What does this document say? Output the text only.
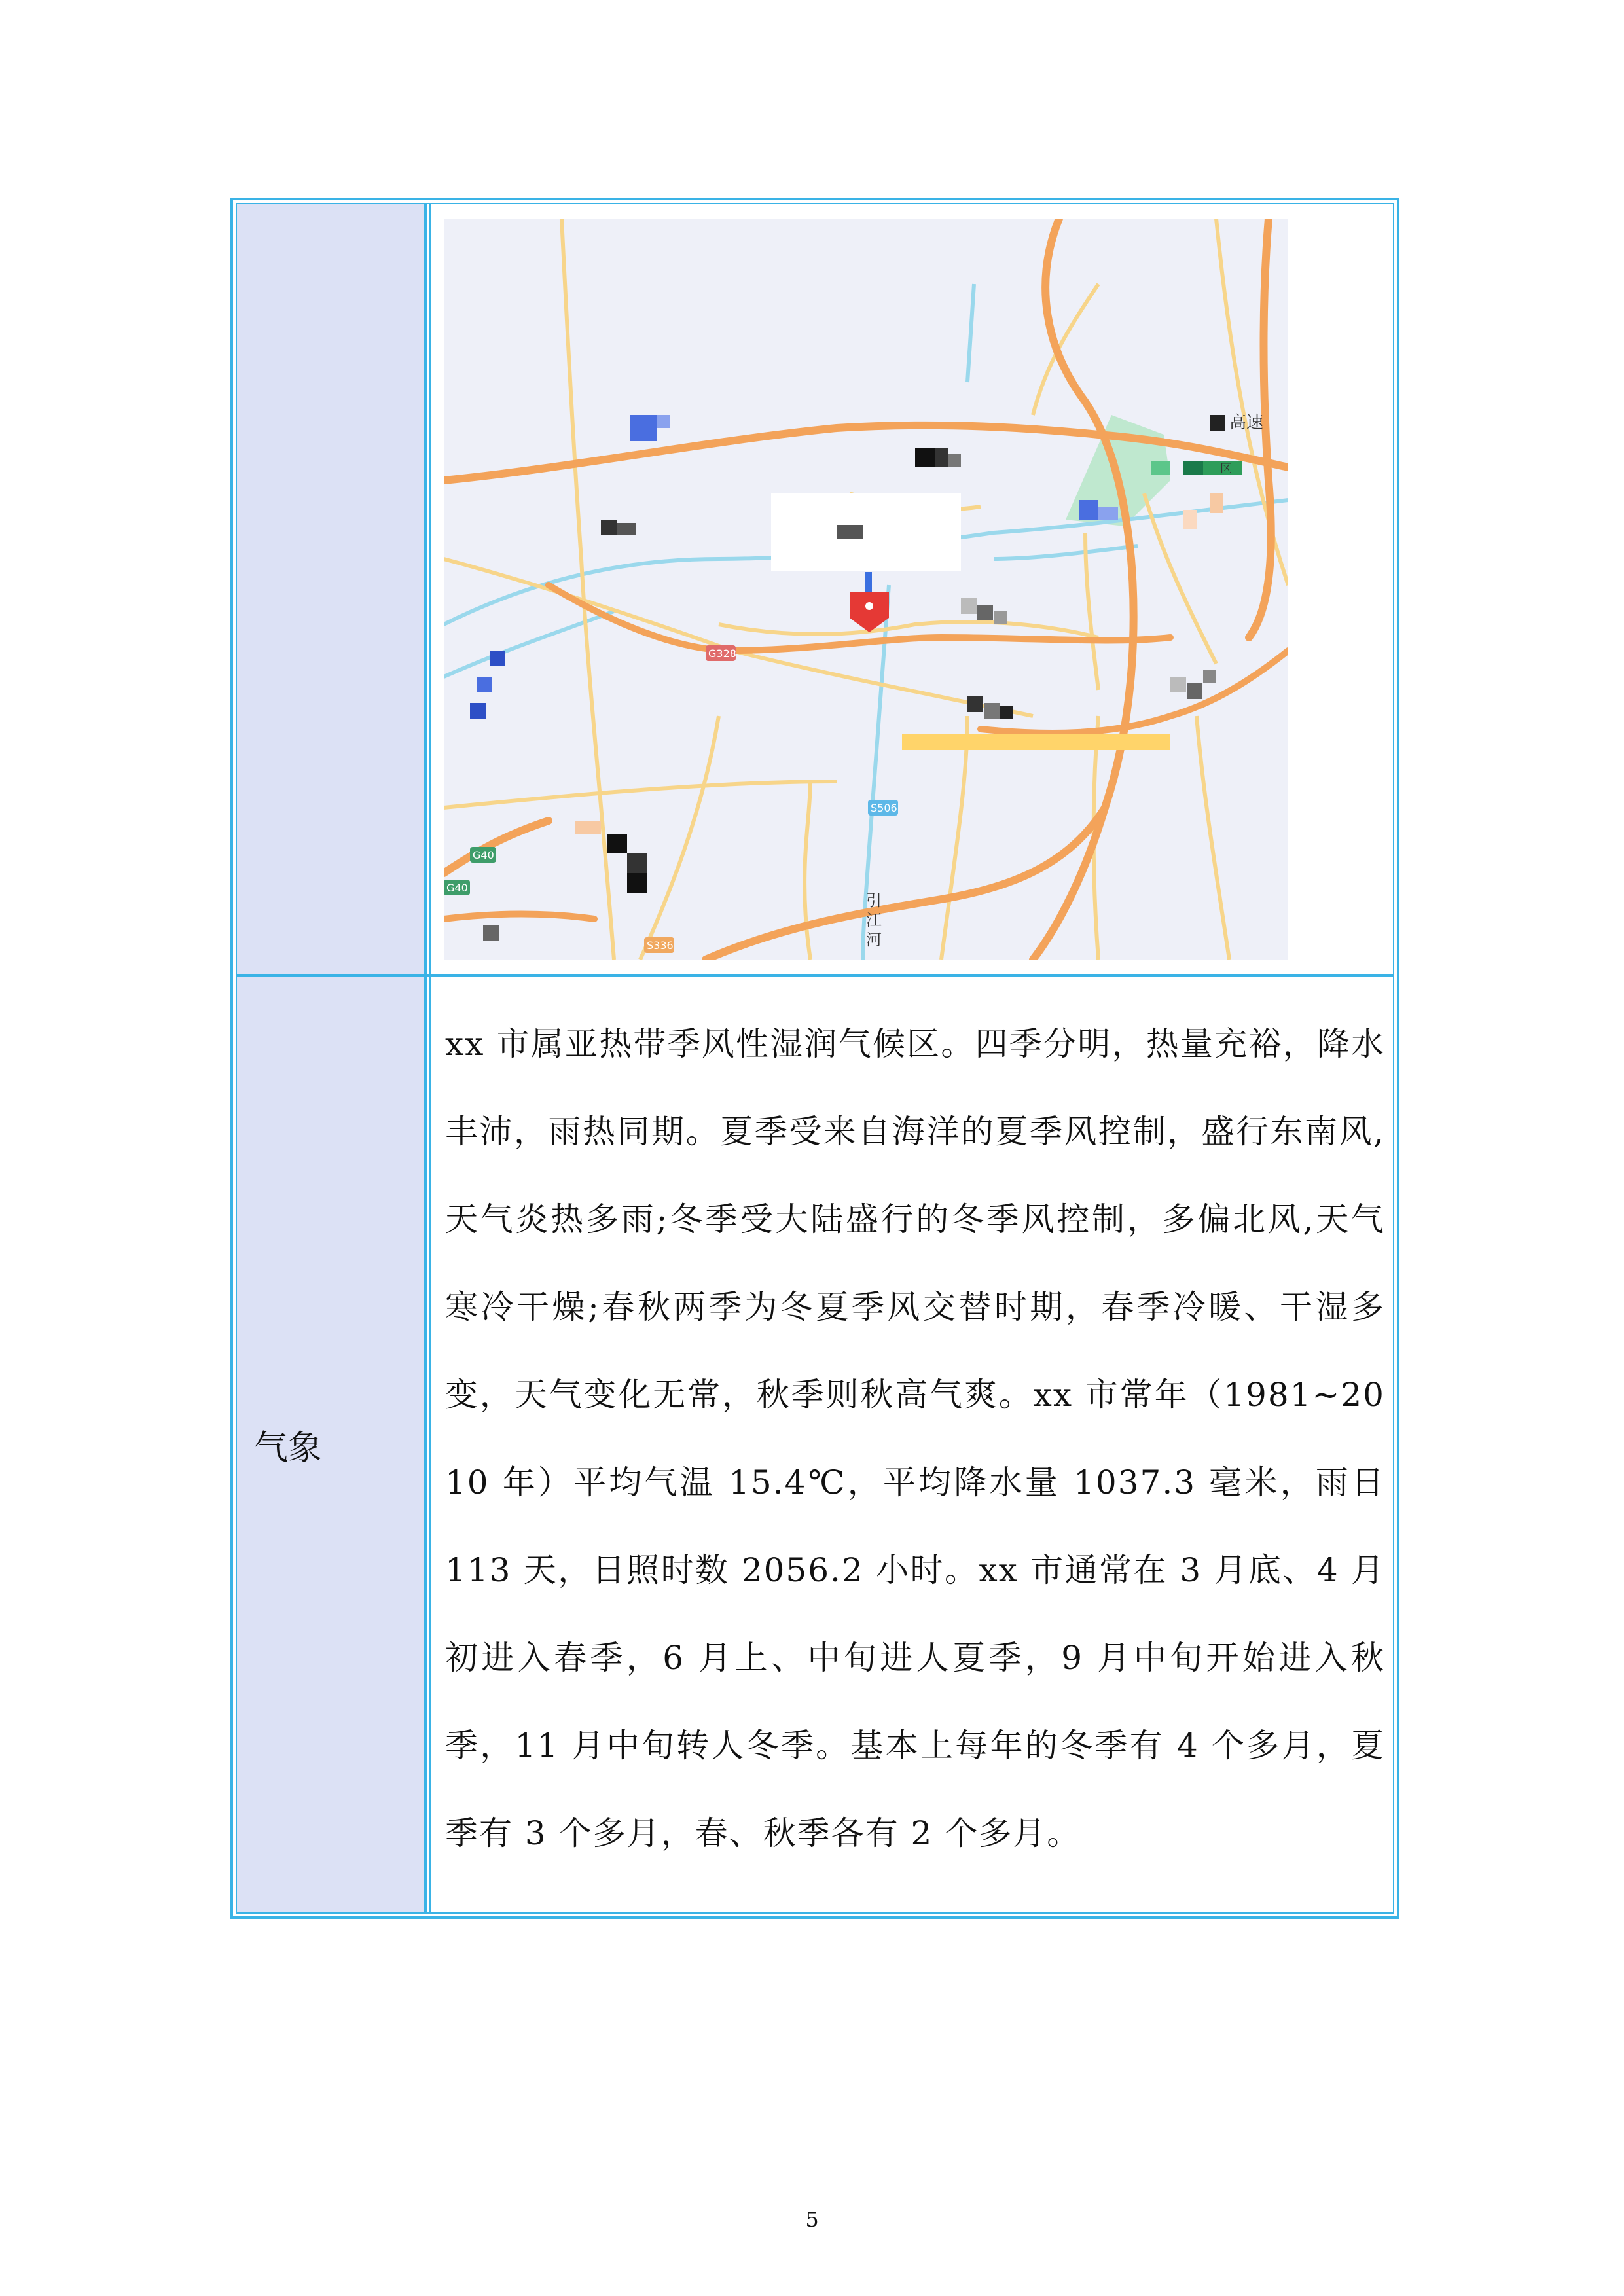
G328
S506
S336
G40
G40
高速
区
引
江
河
气象
xx 市属亚热带季风性湿润气候区。四季分明，热量充裕，降水丰沛，雨热同期。夏季受来自海洋的夏季风控制，盛行东南风,天气炎热多雨;冬季受大陆盛行的冬季风控制，多偏北风,天气寒冷干燥;春秋两季为冬夏季风交替时期，春季冷暖、干湿多变，天气变化无常，秋季则秋高气爽。xx 市常年（1981~2010 年）平均气温 15.4℃，平均降水量 1037.3 毫米，雨日 113 天，日照时数 2056.2 小时。xx 市通常在 3 月底、4 月初进入春季，6 月上、中旬进人夏季，9 月中旬开始进入秋季，11 月中旬转人冬季。基本上每年的冬季有 4 个多月，夏季有 3 个多月，春、秋季各有 2 个多月。
5
